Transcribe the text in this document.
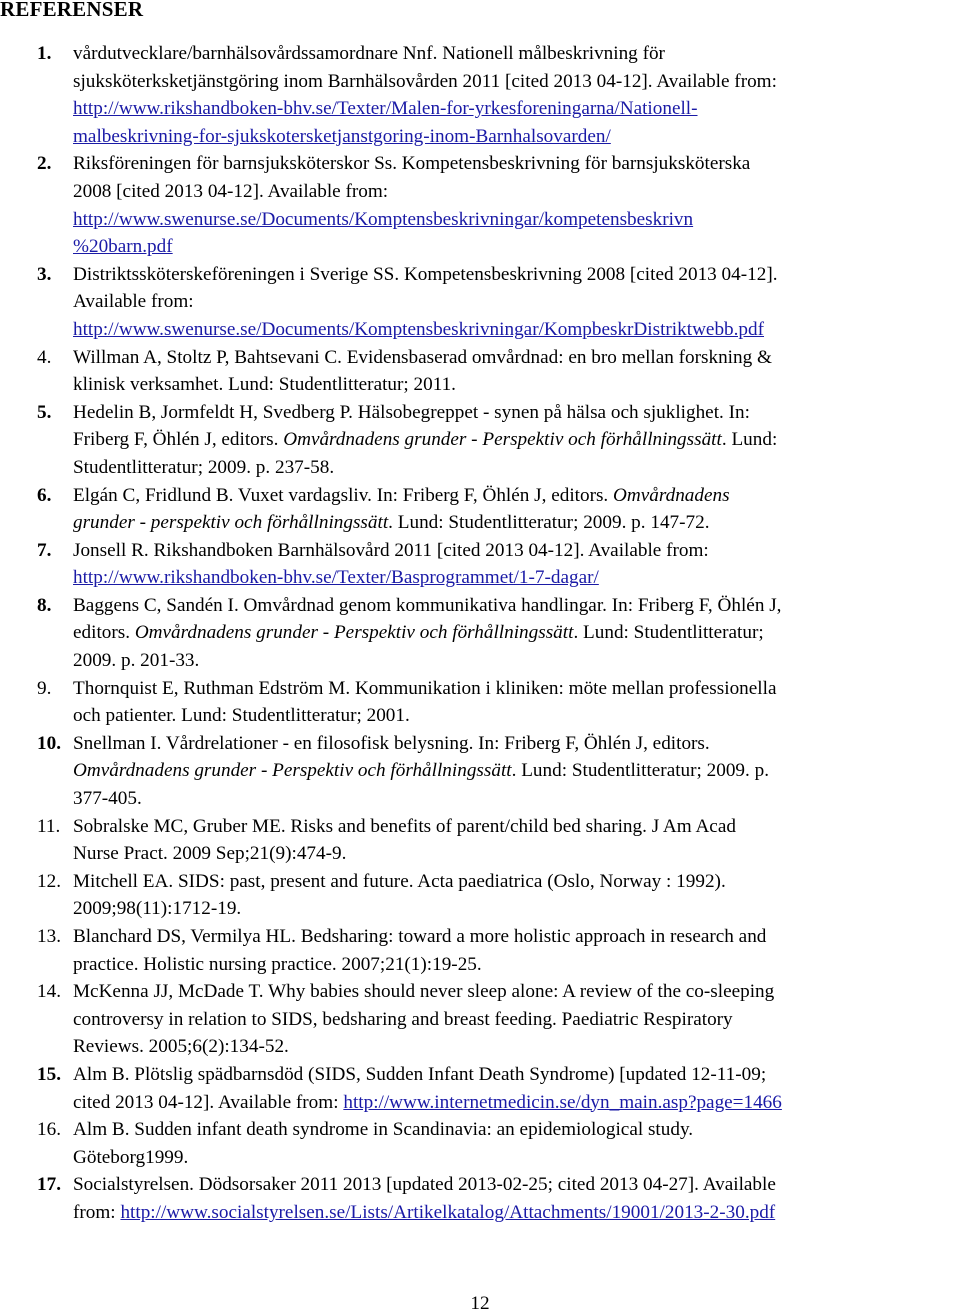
REFERENSER
1. vårdutvecklare/barnhälsovårdssamordnare Nnf. Nationell målbeskrivning för
sjuksköterksketjänstgöring inom Barnhälsovården 2011 [cited 2013 04-12]. Available from:
http://www.rikshandboken-bhv.se/Texter/Malen-for-yrkesforeningarna/Nationell-
malbeskrivning-for-sjukskotersketjanstgoring-inom-Barnhalsovarden/
2. Riksföreningen för barnsjuksköterskor Ss. Kompetensbeskrivning för barnsjuksköterska
2008 [cited 2013 04-12]. Available from:
http://www.swenurse.se/Documents/Komptensbeskrivningar/kompetensbeskrivn
%20barn.pdf
3. Distriktssköterskeföreningen i Sverige SS. Kompetensbeskrivning 2008 [cited 2013 04-12].
Available from:
http://www.swenurse.se/Documents/Komptensbeskrivningar/KompbeskrDistriktwebb.pdf
4. Willman A, Stoltz P, Bahtsevani C. Evidensbaserad omvårdnad: en bro mellan forskning &
klinisk verksamhet. Lund: Studentlitteratur; 2011.
5. Hedelin B, Jormfeldt H, Svedberg P. Hälsobegreppet - synen på hälsa och sjuklighet. In:
Friberg F, Öhlén J, editors. Omvårdnadens grunder - Perspektiv och förhållningssätt. Lund:
Studentlitteratur; 2009. p. 237-58.
6. Elgán C, Fridlund B. Vuxet vardagsliv. In: Friberg F, Öhlén J, editors. Omvårdnadens
grunder - perspektiv och förhållningssätt. Lund: Studentlitteratur; 2009. p. 147-72.
7. Jonsell R. Rikshandboken Barnhälsovård 2011 [cited 2013 04-12]. Available from:
http://www.rikshandboken-bhv.se/Texter/Basprogrammet/1-7-dagar/
8. Baggens C, Sandén I. Omvårdnad genom kommunikativa handlingar. In: Friberg F, Öhlén J,
editors. Omvårdnadens grunder - Perspektiv och förhållningssätt. Lund: Studentlitteratur;
2009. p. 201-33.
9. Thornquist E, Ruthman Edström M. Kommunikation i kliniken: möte mellan professionella
och patienter. Lund: Studentlitteratur; 2001.
10. Snellman I. Vårdrelationer - en filosofisk belysning. In: Friberg F, Öhlén J, editors.
Omvårdnadens grunder - Perspektiv och förhållningssätt. Lund: Studentlitteratur; 2009. p.
377-405.
11. Sobralske MC, Gruber ME. Risks and benefits of parent/child bed sharing. J Am Acad
Nurse Pract. 2009 Sep;21(9):474-9.
12. Mitchell EA. SIDS: past, present and future. Acta paediatrica (Oslo, Norway : 1992).
2009;98(11):1712-19.
13. Blanchard DS, Vermilya HL. Bedsharing: toward a more holistic approach in research and
practice. Holistic nursing practice. 2007;21(1):19-25.
14. McKenna JJ, McDade T. Why babies should never sleep alone: A review of the co-sleeping
controversy in relation to SIDS, bedsharing and breast feeding. Paediatric Respiratory
Reviews. 2005;6(2):134-52.
15. Alm B. Plötslig spädbarnsdöd (SIDS, Sudden Infant Death Syndrome) [updated 12-11-09;
cited 2013 04-12]. Available from: http://www.internetmedicin.se/dyn_main.asp?page=1466
16. Alm B. Sudden infant death syndrome in Scandinavia: an epidemiological study.
Göteborg1999.
17. Socialstyrelsen. Dödsorsaker 2011 2013 [updated 2013-02-25; cited 2013 04-27]. Available
from: http://www.socialstyrelsen.se/Lists/Artikelkatalog/Attachments/19001/2013-2-30.pdf
12
